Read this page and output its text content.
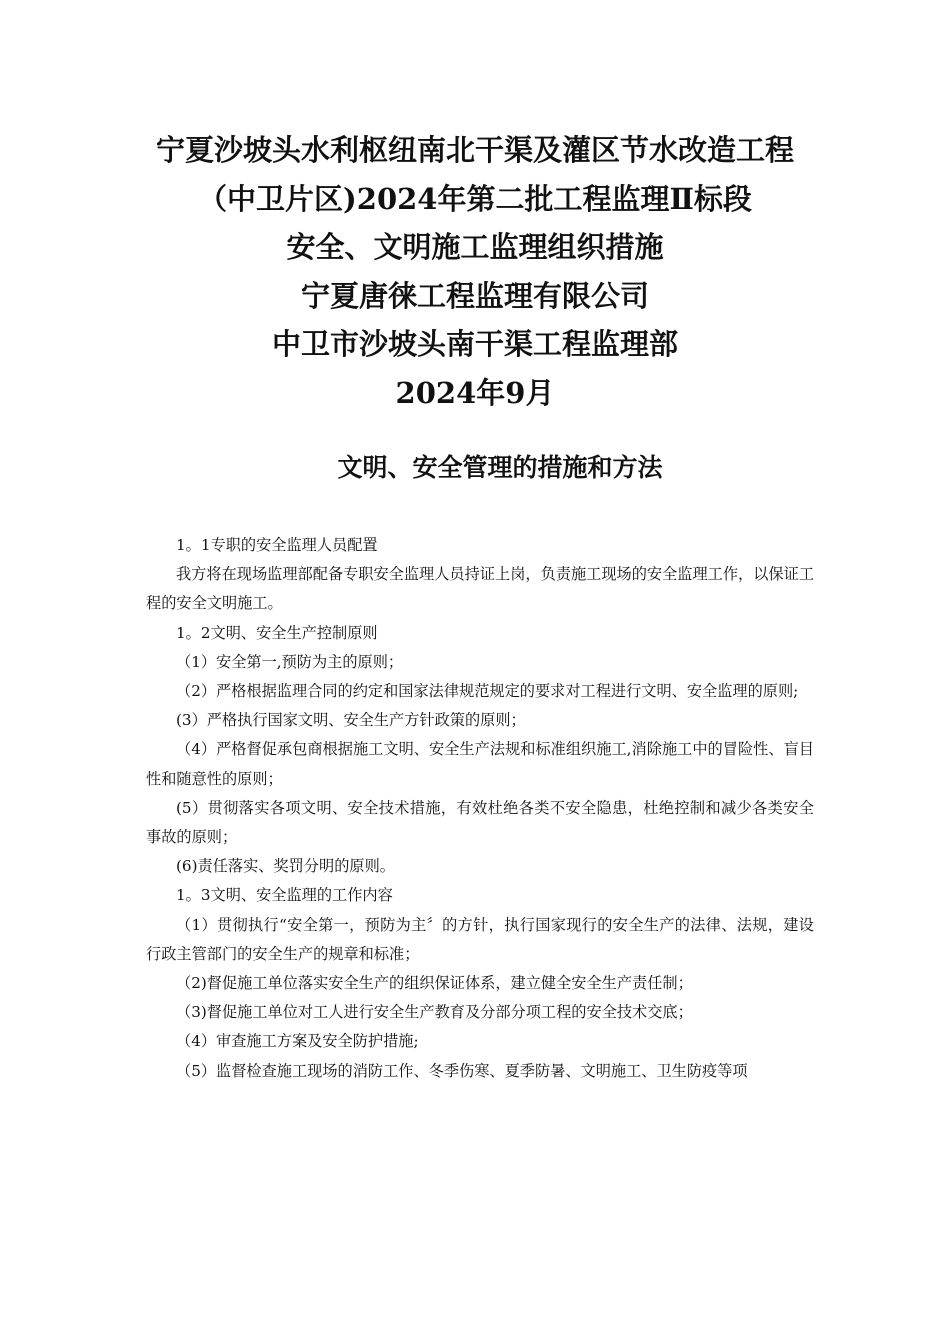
宁夏沙坡头水利枢纽南北干渠及灌区节水改造工程
（中卫片区)2024年第二批工程监理Ⅱ标段
安全、文明施工监理组织措施
宁夏唐徕工程监理有限公司
中卫市沙坡头南干渠工程监理部
2024年9月
文明、安全管理的措施和方法

1。1专职的安全监理人员配置

我方将在现场监理部配备专职安全监理人员持证上岗，负责施工现场的安全监理工作，以保证工程的安全文明施工。

1。2文明、安全生产控制原则

（1）安全第一,预防为主的原则；

（2）严格根据监理合同的约定和国家法律规范规定的要求对工程进行文明、安全监理的原则;

(3）严格执行国家文明、安全生产方针政策的原则；

（4）严格督促承包商根据施工文明、安全生产法规和标准组织施工,消除施工中的冒险性、盲目性和随意性的原则；

(5）贯彻落实各项文明、安全技术措施，有效杜绝各类不安全隐患，杜绝控制和减少各类安全事故的原则；

(6)责任落实、奖罚分明的原则。

1。3文明、安全监理的工作内容

（1）贯彻执行“安全第一，预防为主〞的方针，执行国家现行的安全生产的法律、法规，建设行政主管部门的安全生产的规章和标准；

（2)督促施工单位落实安全生产的组织保证体系，建立健全安全生产责任制；

（3)督促施工单位对工人进行安全生产教育及分部分项工程的安全技术交底；

（4）审查施工方案及安全防护措施;

（5）监督检查施工现场的消防工作、冬季伤寒、夏季防暑、文明施工、卫生防疫等项
